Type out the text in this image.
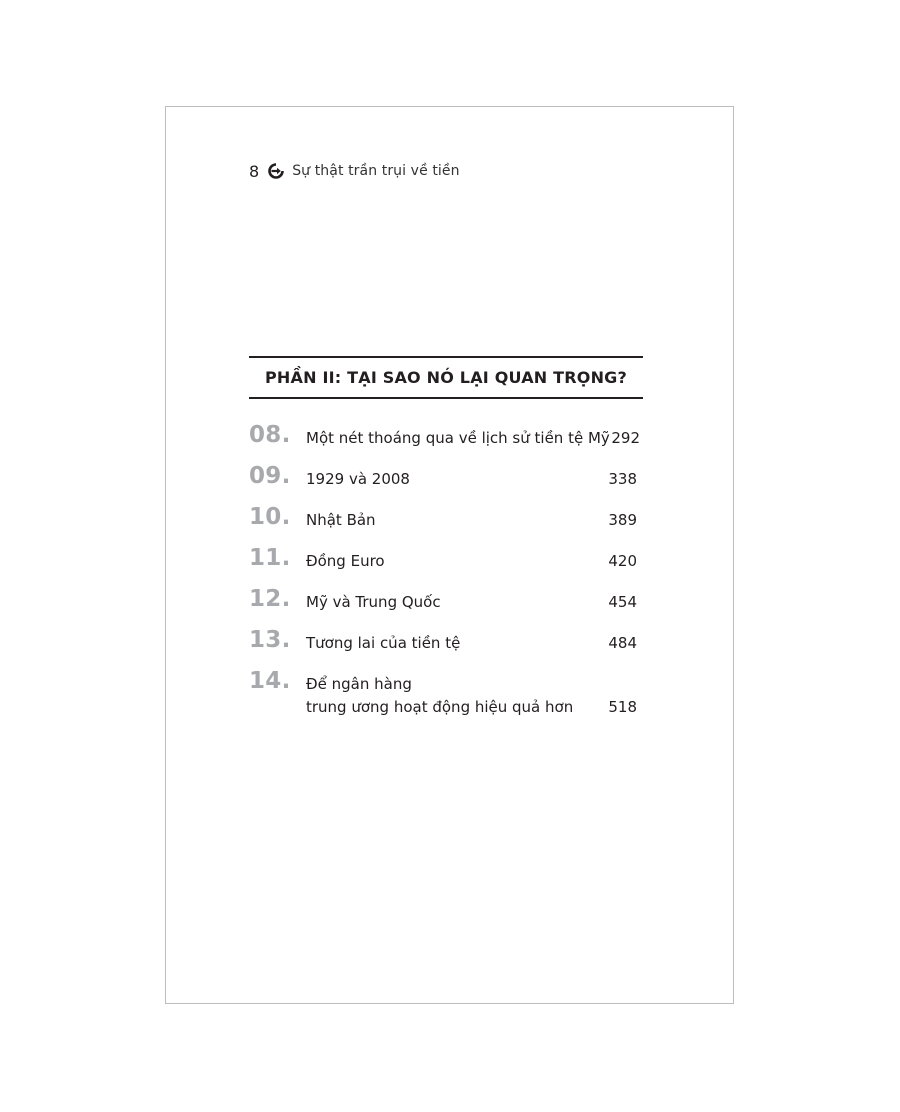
8 Sự thật trần trụi về tiền
PHẦN II: TẠI SAO NÓ LẠI QUAN TRỌNG?
08. Một nét thoáng qua về lịch sử tiền tệ Mỹ 292
09. 1929 và 2008	338
10. Nhật Bản	389
11. Đồng Euro	420
12. Mỹ và Trung Quốc	454
13. Tương lai của tiền tệ	484
14. Để ngân hàng
trung ương hoạt động hiệu quả hơn 518
